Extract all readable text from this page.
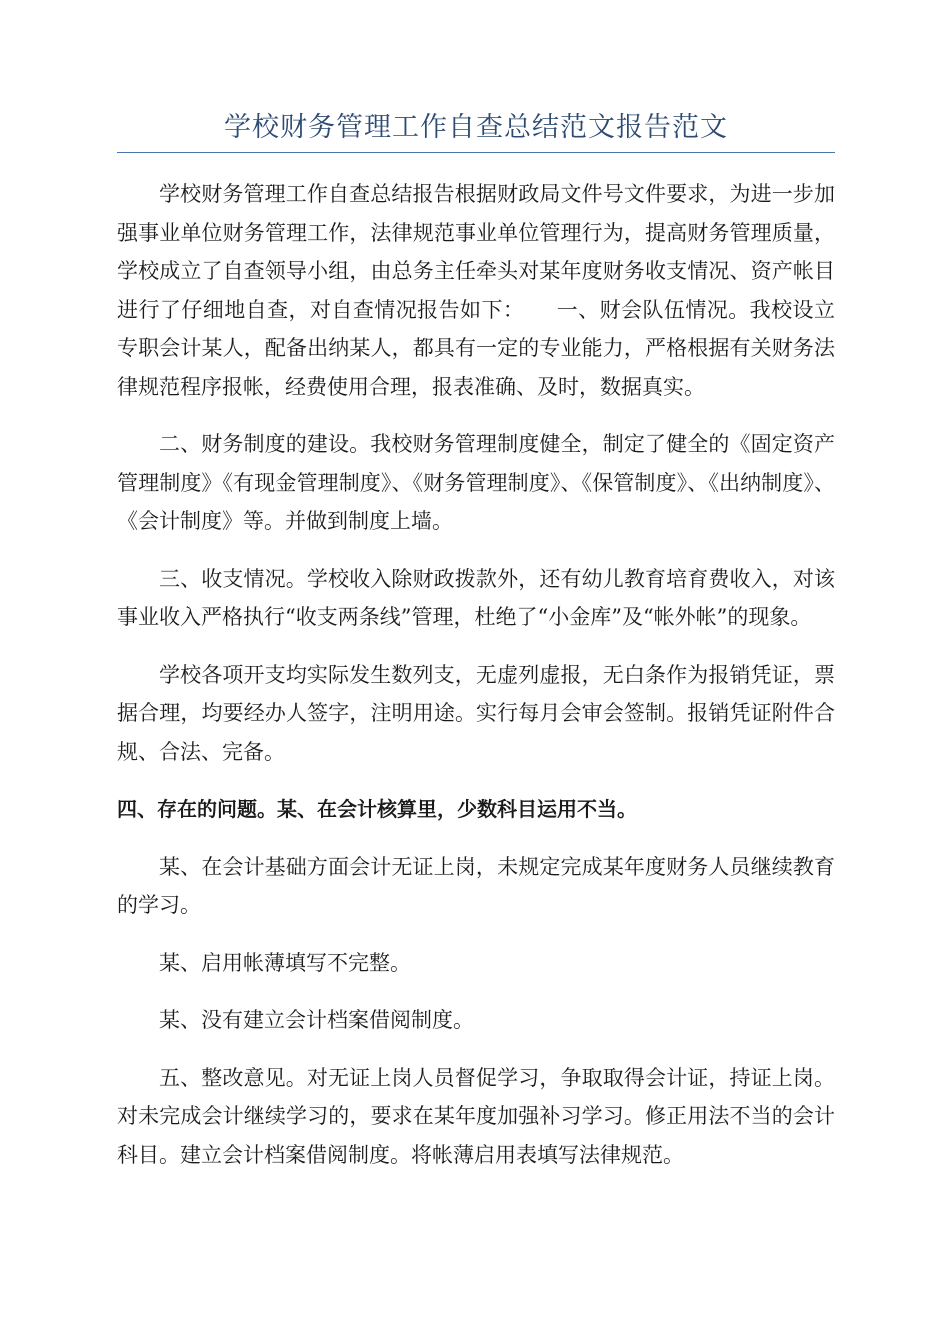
学校财务管理工作自查总结范文报告范文

学校财务管理工作自查总结报告根据财政局文件号文件要求，为进一步加强事业单位财务管理工作，法律规范事业单位管理行为，提高财务管理质量，学校成立了自查领导小组，由总务主任牵头对某年度财务收支情况、资产帐目进行了仔细地自查，对自查情况报告如下：　　一、财会队伍情况。我校设立专职会计某人，配备出纳某人，都具有一定的专业能力，严格根据有关财务法律规范程序报帐，经费使用合理，报表准确、及时，数据真实。

二、财务制度的建设。我校财务管理制度健全，制定了健全的《固定资产管理制度》《有现金管理制度》、《财务管理制度》、《保管制度》、《出纳制度》、《会计制度》等。并做到制度上墙。

三、收支情况。学校收入除财政拨款外，还有幼儿教育培育费收入，对该事业收入严格执行“收支两条线”管理，杜绝了“小金库”及“帐外帐”的现象。

学校各项开支均实际发生数列支，无虚列虚报，无白条作为报销凭证，票据合理，均要经办人签字，注明用途。实行每月会审会签制。报销凭证附件合规、合法、完备。

四、存在的问题。某、在会计核算里，少数科目运用不当。

某、在会计基础方面会计无证上岗，未规定完成某年度财务人员继续教育的学习。

某、启用帐薄填写不完整。

某、没有建立会计档案借阅制度。

五、整改意见。对无证上岗人员督促学习，争取取得会计证，持证上岗。对未完成会计继续学习的，要求在某年度加强补习学习。修正用法不当的会计科目。建立会计档案借阅制度。将帐薄启用表填写法律规范。
